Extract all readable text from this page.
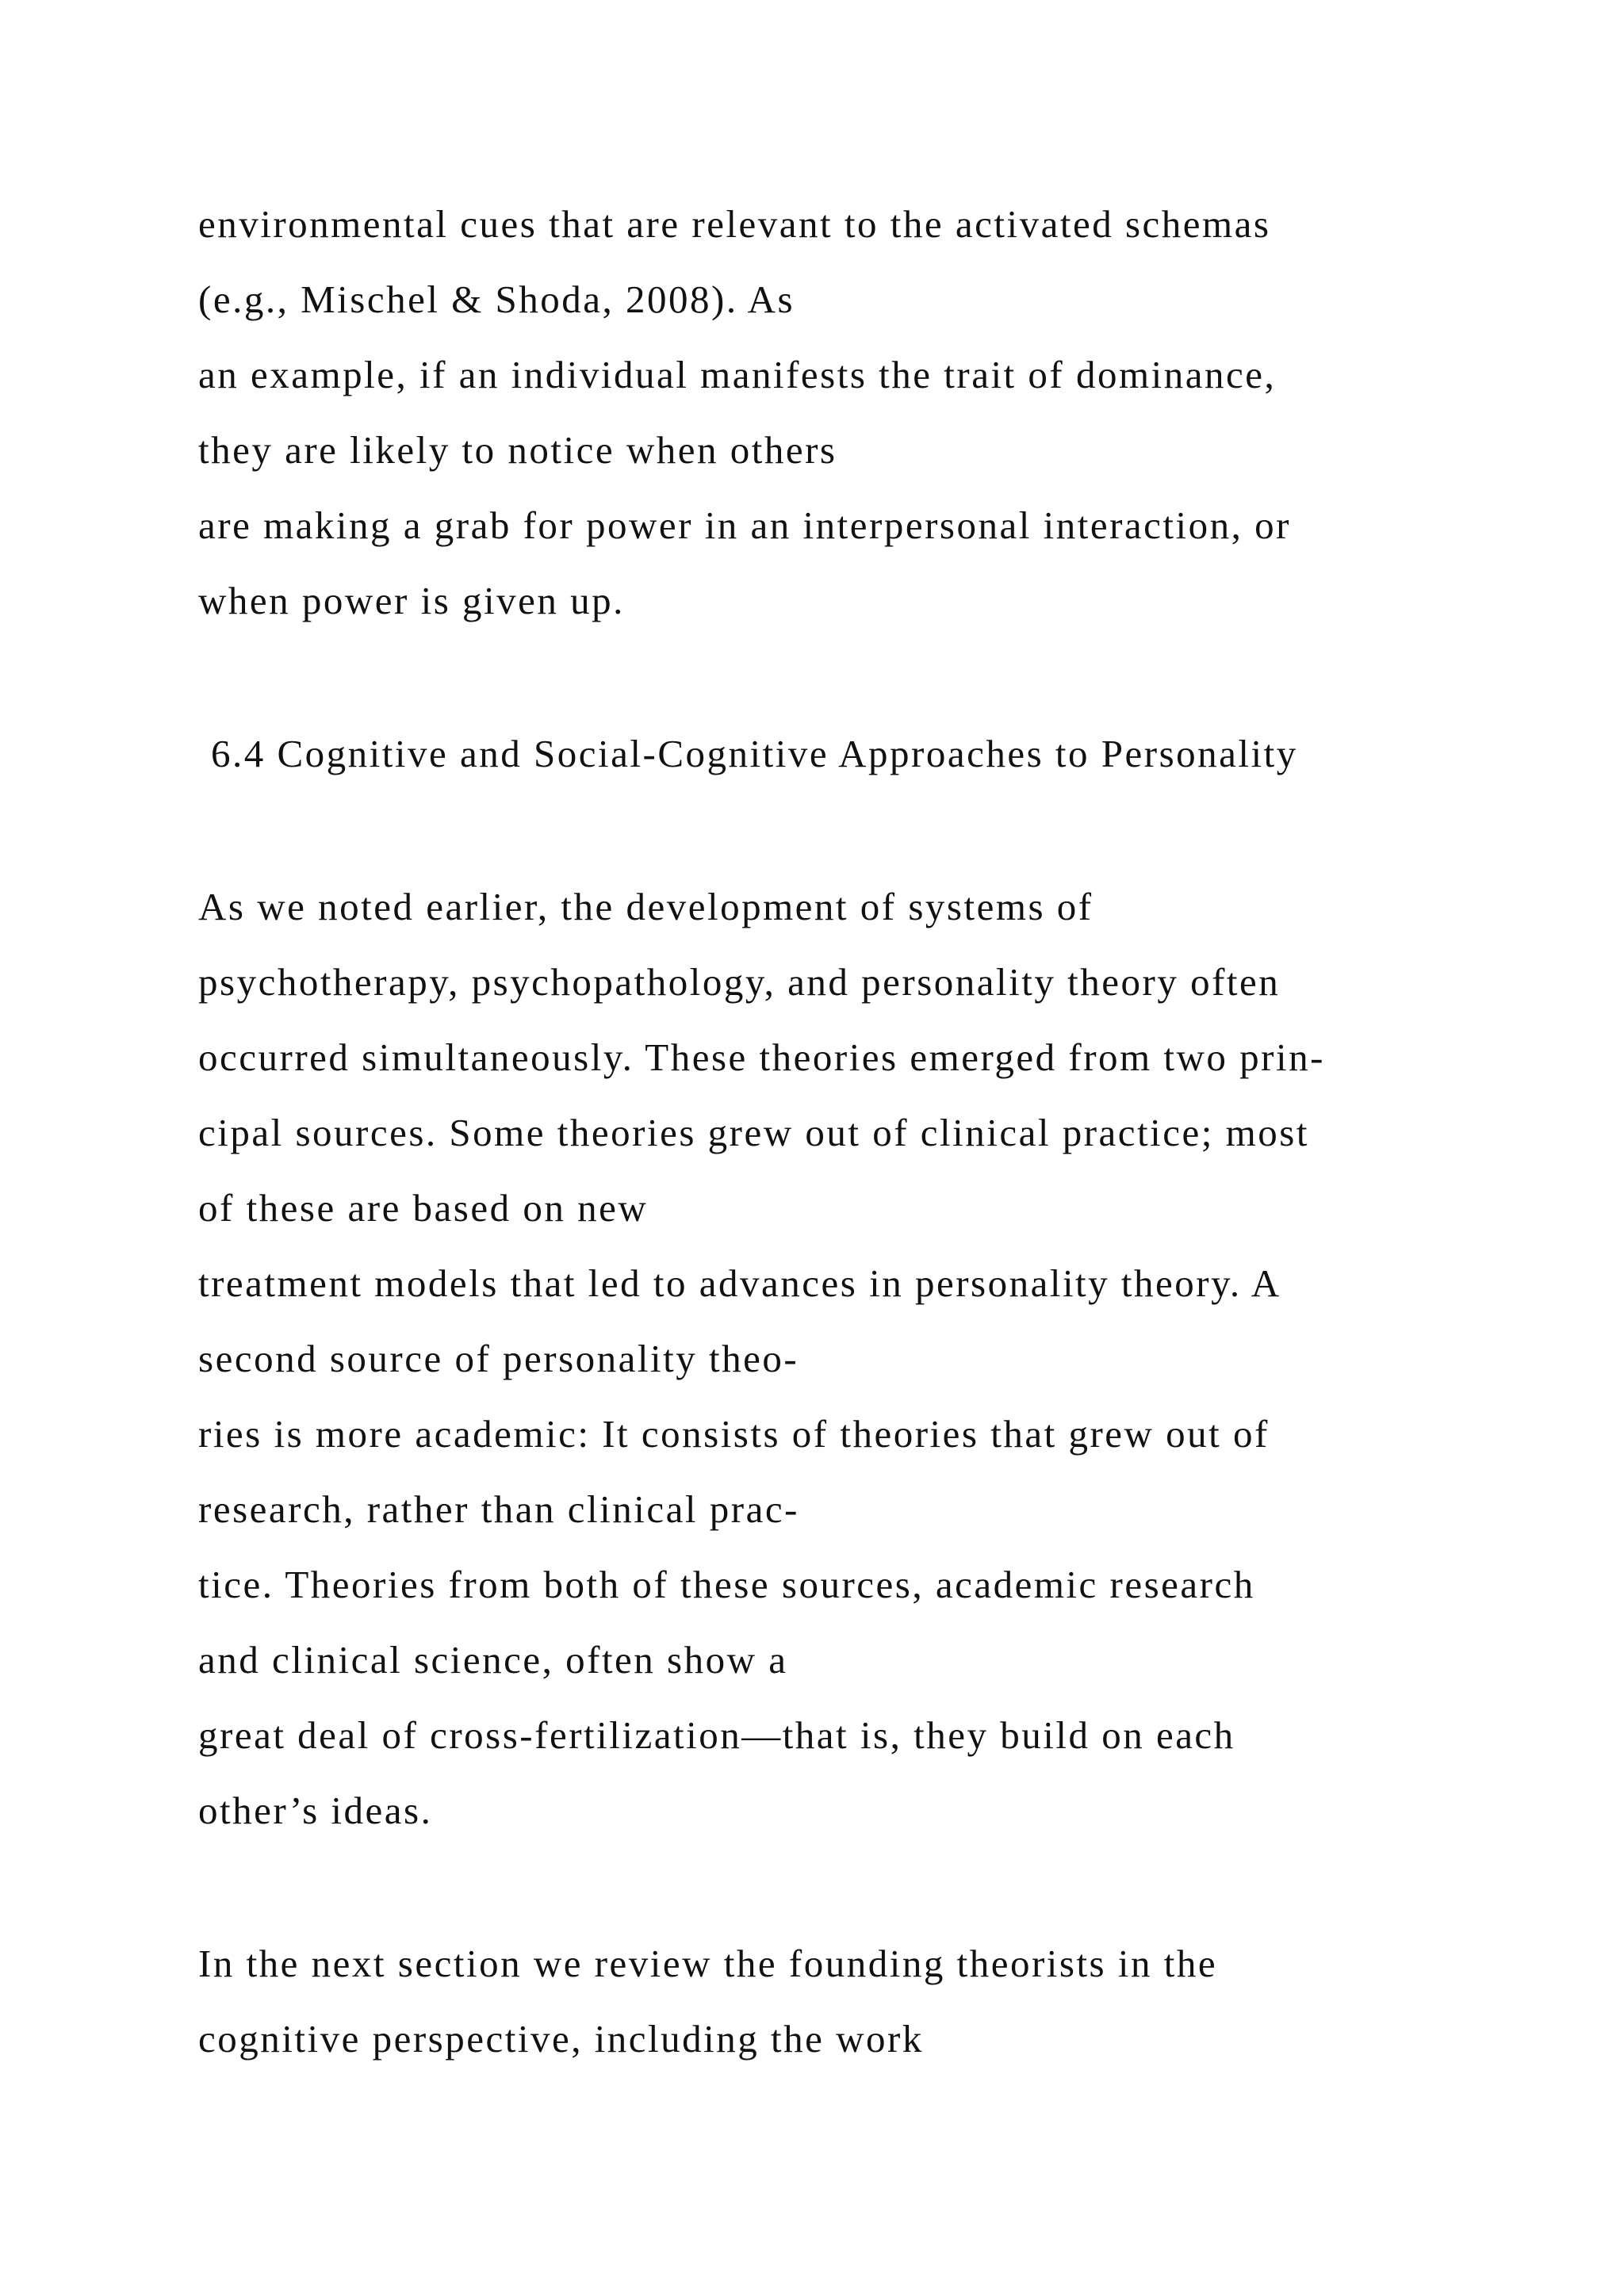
environmental cues that are relevant to the activated schemas

(e.g., Mischel & Shoda, 2008). As

an example, if an individual manifests the trait of dominance,

they are likely to notice when others

are making a grab for power in an interpersonal interaction, or

when power is given up.

6.4 Cognitive and Social-Cognitive Approaches to Personality

As we noted earlier, the development of systems of

psychotherapy, psychopathology, and personality theory often

occurred simultaneously. These theories emerged from two prin-

cipal sources. Some theories grew out of clinical practice; most

of these are based on new

treatment models that led to advances in personality theory. A

second source of personality theo-

ries is more academic: It consists of theories that grew out of

research, rather than clinical prac-

tice. Theories from both of these sources, academic research

and clinical science, often show a

great deal of cross-fertilization—that is, they build on each

other’s ideas.

In the next section we review the founding theorists in the

cognitive perspective, including the work
